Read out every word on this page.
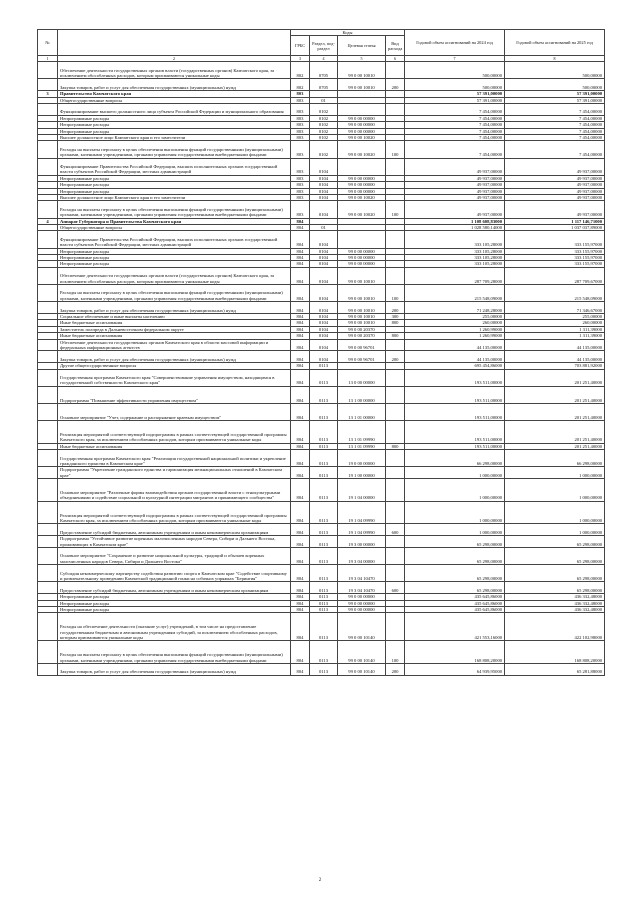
№		Коды				Годовой объем ассигнований на 2024 год	Годовой объем ассигнований на 2025 год
		ГРБС	Раздел, под-раздел	Целевая статья	Вид расхода		
1	2	3	4	5	6	7	8
	Обеспечение деятельности государственных органов власти (государственных органов) Камчатского края, за исключением обособленных расходов, которым присваиваются уникальные коды	802	0705	99 0 00 10010		500,00000	500,00000
	Закупка товаров, работ и услуг для обеспечения государственных (муниципальных) нужд	802	0705	99 0 00 10010	200	500,00000	500,00000
3	Правительство Камчатского края	803				57 391,00000	57 391,00000
	Общегосударственные вопросы	803	01			57 391,00000	57 391,00000
	Функционирование высшего должностного лица субъекта Российской Федерации и муниципального образования	803	0102			7 454,00000	7 454,00000
	Непрограммные расходы	803	0102	99 0 00 00000		7 454,00000	7 454,00000
	Непрограммные расходы	803	0102	99 0 00 00000		7 454,00000	7 454,00000
	Непрограммные расходы	803	0102	99 0 00 00000		7 454,00000	7 454,00000
	Высшее должностное лицо Камчатского края и его заместители	803	0102	99 0 00 10020		7 454,00000	7 454,00000
	Расходы на выплаты персоналу в целях обеспечения выполнения функций государственными (муниципальными) органами, казенными учреждениями, органами управления государственными внебюджетными фондами	803	0102	99 0 00 10020	100	7 454,00000	7 454,00000
	Функционирование Правительства Российской Федерации, высших исполнительных органов государственной власти субъектов Российской Федерации, местных администраций	803	0104			49 937,00000	49 937,00000
	Непрограммные расходы	803	0104	99 0 00 00000		49 937,00000	49 937,00000
	Непрограммные расходы	803	0104	99 0 00 00000		49 937,00000	49 937,00000
	Непрограммные расходы	803	0104	99 0 00 00000		49 937,00000	49 937,00000
	Высшее должностное лицо Камчатского края и его заместители	803	0104	99 0 00 10020		49 937,00000	49 937,00000
	Расходы на выплаты персоналу в целях обеспечения выполнения функций государственными (муниципальными) органами, казенными учреждениями, органами управления государственными внебюджетными фондами	803	0104	99 0 00 10020	100	49 937,00000	49 937,00000
4	Аппарат Губернатора и Правительства Камчатского края	804				1 108 608,83000	1 117 146,71000
	Общегосударственные вопросы	804	01			1 028 580,14000	1 037 037,89000
	Функционирование Правительства Российской Федерации, высших исполнительных органов государственной власти субъектов Российской Федерации, местных администраций	804	0104			333 105,28000	333 155,97000
	Непрограммные расходы	804	0104	99 0 00 00000		333 105,28000	333 155,97000
	Непрограммные расходы	804	0104	99 0 00 00000		333 105,28000	333 155,97000
	Непрограммные расходы	804	0104	99 0 00 00000		333 105,28000	333 155,97000
	Обеспечение деятельности государственных органов власти (государственных органов) Камчатского края, за исключением обособленных расходов, которым присваиваются уникальные коды	804	0104	99 0 00 10010		287 709,28000	287 709,67000
	Расходы на выплаты персоналу в целях обеспечения выполнения функций государственными (муниципальными) органами, казенными учреждениями, органами управления государственными внебюджетными фондами	804	0104	99 0 00 10010	100	215 548,09000	215 548,09000
	Закупка товаров, работ и услуг для обеспечения государственных (муниципальных) нужд	804	0104	99 0 00 10010	200	71 248,28000	71 346,67000
	Социальное обеспечение и иные выплаты населению	804	0104	99 0 00 10010	300	255,00000	255,00000
	Иные бюджетные ассигнования	804	0104	99 0 00 10010	800	260,00000	260,00000
	Заместитель полпреда в Дальневосточном федеральном округе	804	0104	99 0 00 20370		1 260,99000	1 311,39000
	Иные бюджетные ассигнования	804	0104	99 0 00 20370	800	1 260,99000	1 311,39000
	Обеспечение деятельности государственных органов Камчатского края в области массовой информации и федеральных информационных агентств	804	0104	99 0 00 96701		44 135,00000	44 135,00000
	Закупка товаров, работ и услуг для обеспечения государственных (муниципальных) нужд	804	0104	99 0 00 96701	200	44 135,00000	44 135,00000
	Другие общегосударственные вопросы	804	0113			695 454,86000	703 881,92000
	Государственная программа Камчатского края "Совершенствование управления имуществом, находящимся в государственной собственности Камчатского края"	804	0113	13 0 00 00000		193 511,00000	201 251,40000
	Подпрограмма "Повышение эффективности управления имуществом"	804	0113	13 1 00 00000		193 511,00000	201 251,40000
	Основное мероприятие "Учет, содержание и распоряжение краевым имуществом"	804	0113	13 1 01 00000		193 511,00000	201 251,40000
	Реализация мероприятий соответствующей подпрограммы в рамках соответствующей государственной программы Камчатского края, за исключением обособленных расходов, которым присваиваются уникальные коды	804	0113	13 1 01 09990		193 511,00000	201 251,40000
	Иные бюджетные ассигнования	804	0113	13 1 01 09990	800	193 511,00000	201 251,40000
	Государственная программа Камчатского края "Реализация государственной национальной политики и укрепление гражданского единства в Камчатском крае"	804	0113	19 0 00 00000		66 298,00000	66 298,00000
	Подпрограмма "Укрепление гражданского единства и гармонизация межнациональных отношений в Камчатском крае"	804	0113	19 1 00 00000		1 000,00000	1 000,00000
	Основное мероприятие "Различные формы взаимодействия органов государственной власти с этнокультурными объединениями и содействие социальной и культурной интеграции мигрантов и принимающего сообщества"	804	0113	19 1 04 00000		1 000,00000	1 000,00000
	Реализация мероприятий соответствующей подпрограммы в рамках соответствующей государственной программы Камчатского края, за исключением обособленных расходов, которым присваиваются уникальные коды	804	0113	19 1 04 09990		1 000,00000	1 000,00000
	Предоставление субсидий бюджетным, автономным учреждениям и иным некоммерческим организациям	804	0113	19 1 04 09990	600	1 000,00000	1 000,00000
	Подпрограмма "Устойчивое развитие коренных малочисленных народов Севера, Сибири и Дальнего Востока, проживающих в Камчатском крае"	804	0113	19 3 00 00000		65 298,00000	65 298,00000
	Основное мероприятие "Сохранение и развитие национальной культуры, традиций и обычаев коренных малочисленных народов Севера, Сибири и Дальнего Востока"	804	0113	19 3 04 00000		65 298,00000	65 298,00000
	Субсидия некоммерческому партнерству содействия развитию спорта в Камчатском крае "Содействие спортивному и развлекательному проведению Камчатской традиционной гонки на собачьих упряжках "Берингия"	804	0113	19 3 04 10470		65 298,00000	65 298,00000
	Предоставление субсидий бюджетным, автономным учреждениям и иным некоммерческим организациям	804	0113	19 3 04 10470	600	65 298,00000	65 298,00000
	Непрограммные расходы	804	0113	99 0 00 00000		435 645,86000	436 332,48000
	Непрограммные расходы	804	0113	99 0 00 00000		435 645,86000	436 332,48000
	Непрограммные расходы	804	0113	99 0 00 00000		435 645,86000	436 332,48000
	Расходы на обеспечение деятельности (оказание услуг) учреждений, в том числе на предоставление государственным бюджетным и автономным учреждениям субсидий, за исключением обособленных расходов, которым присваиваются уникальные коды	804	0113	99 0 00 10140		421 553,16000	422 102,98000
	Расходы на выплаты персоналу в целях обеспечения выполнения функций государственными (муниципальными) органами, казенными учреждениями, органами управления государственными внебюджетными фондами	804	0113	99 0 00 10140	100	168 808,20000	168 808,20000
	Закупка товаров, работ и услуг для обеспечения государственных (муниципальных) нужд	804	0113	99 0 00 10140	200	64 939,95000	65 281,88000
2
